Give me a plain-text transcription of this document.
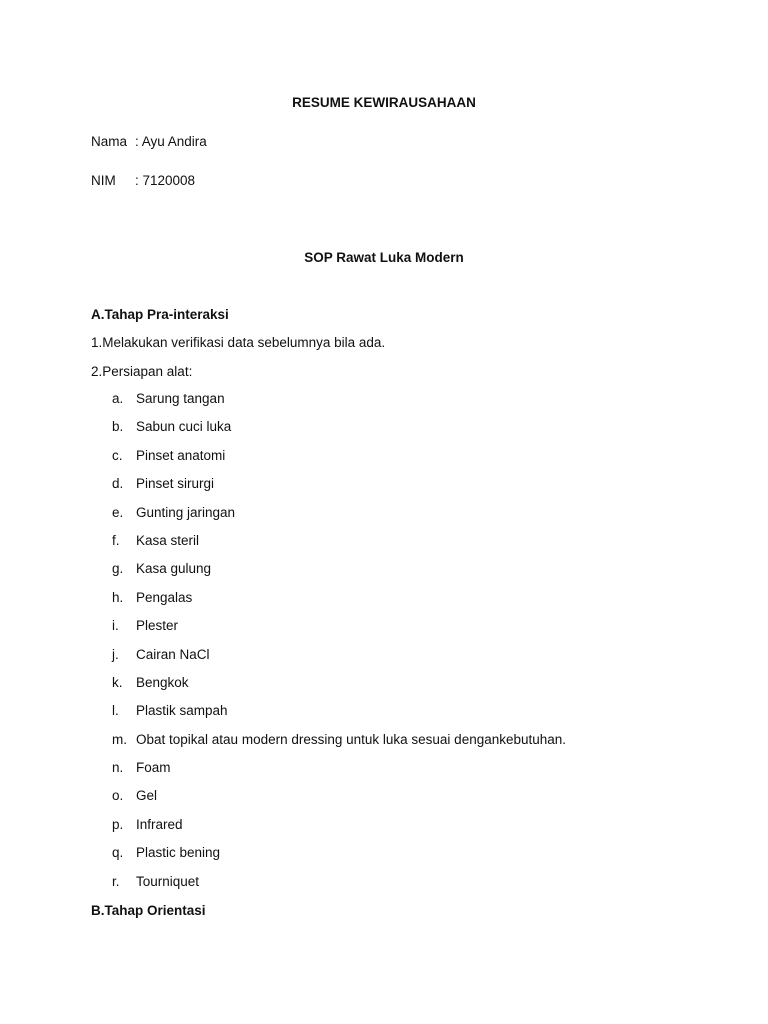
RESUME KEWIRAUSAHAAN
Nama : Ayu Andira
NIM : 7120008
SOP Rawat Luka Modern
A.Tahap Pra-interaksi
1.Melakukan verifikasi data sebelumnya bila ada.
2.Persiapan alat:
a. Sarung tangan
b. Sabun cuci luka
c. Pinset anatomi
d. Pinset sirurgi
e. Gunting jaringan
f. Kasa steril
g. Kasa gulung
h. Pengalas
i. Plester
j. Cairan NaCl
k. Bengkok
l. Plastik sampah
m. Obat topikal atau modern dressing untuk luka sesuai dengankebutuhan.
n. Foam
o. Gel
p. Infrared
q. Plastic bening
r. Tourniquet
B.Tahap Orientasi
